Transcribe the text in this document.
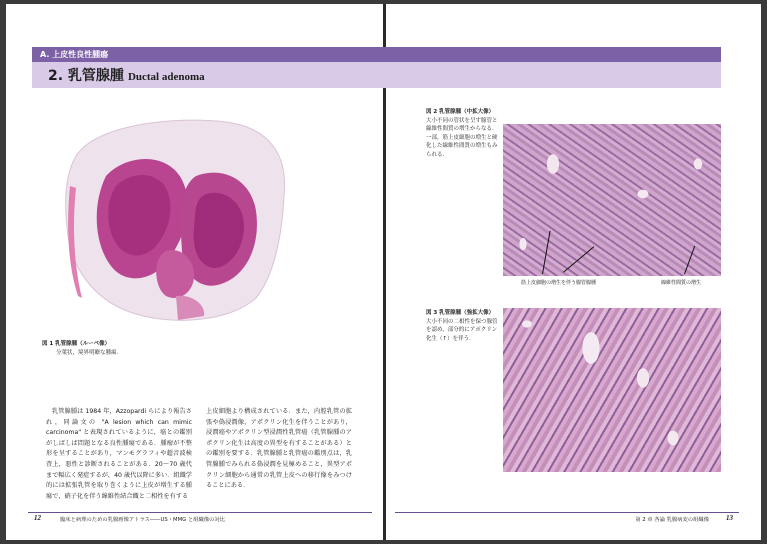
A. 上皮性良性腫瘍
2. 乳管腺腫 Ductal adenoma
図 1 乳管腺腫（ルーペ像）
分葉状，境界明瞭な腫瘍．
図 2 乳管腺腫（中拡大像）
大小不同の管状を呈す腺管と線維性間質の増生からなる．一部，筋上皮細胞の増生と硬化した線維性間質の増生もみられる．
筋上皮細胞の増生を伴う腺管腺腫	線維性間質の増生
図 3 乳管腺腫（強拡大像）
大小不同の二相性を保つ腺管を認め，部分的にアポクリン化生（↑）を伴う．
乳管腺腫は 1984 年，Azzopardi らにより報告され，同論文の "A lesion which can mimic carcinoma" と表現されているように，癌との鑑別がしばしば問題となる良性腫瘍である．腫瘤が不整形を呈することがあり，マンモグラフィや超音波検査上，悪性と診断されることがある．20～70 歳代まで幅広く発症するが，40 歳代以降に多い．組織学的には拡張乳管を取り巻くように上皮が増生する腫瘍で，硝子化を伴う線維性結合織と二相性を有する
上皮細胞より構成されている．また，内腔乳管の拡張や偽浸潤像，アポクリン化生を伴うことがあり，浸潤癌やアポクリン型浸潤性乳管癌（乳管腺腫のアポクリン化生は高度の異型を有することがある）との鑑別を要する．乳管腺腫と乳管癌の鑑別点は，乳管腺腫でみられる偽浸潤を見極めること，異型アポクリン細胞から通常の乳管上皮への移行像をみつけることにある．
12	臨床と病理のための乳腺画像アトラス――US・MMG と組織像の対比	第 2 章 各論 乳腺病変の組織像 13
